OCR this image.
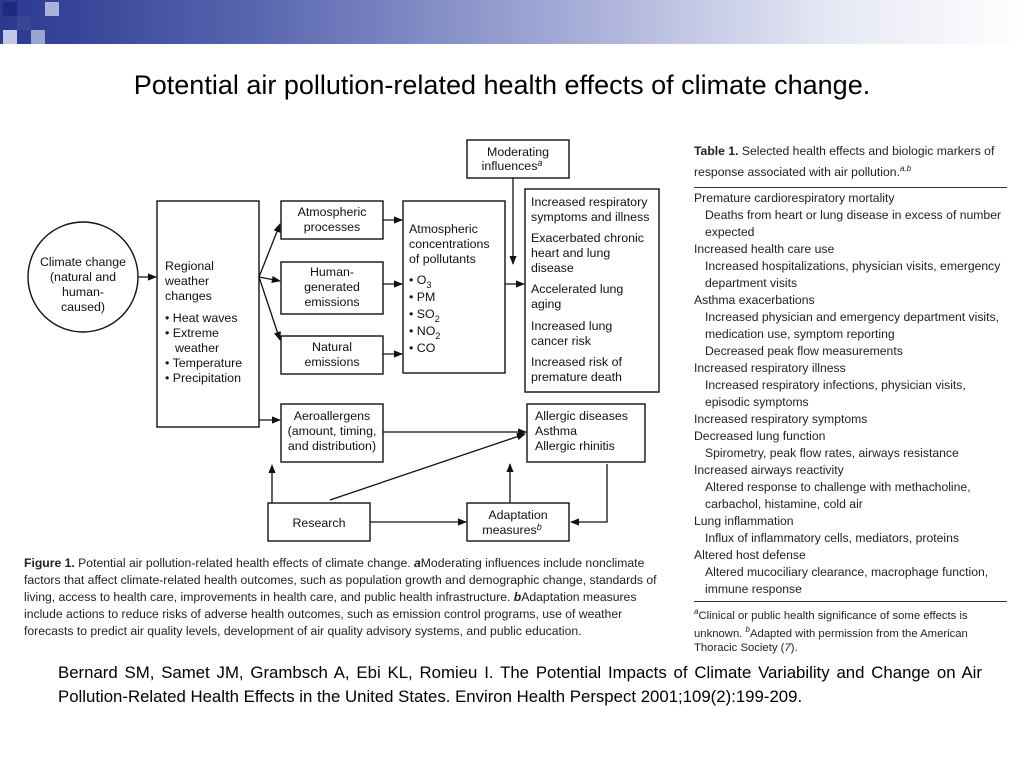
Potential air pollution-related health effects of climate change.
Moderating influences$^a$
Climate change (natural and human-caused)
Regional weather changes
• Heat waves • Extreme weather • Temperature • Precipitation
Atmospheric processes
Human-generated emissions
Natural emissions
Atmospheric concentrations of pollutants
• $O_3$ • PM • $SO_2$ • $NO_2$ • CO
Increased respiratory symptoms and illness Exacerbated chronic heart and lung disease Accelerated lung aging Increased lung cancer risk Increased risk of premature death
Aeroallergens (amount, timing, and distribution)
Allergic diseases Asthma Allergic rhinitis
Research
Adaptation measures$^b$
Figure 1. Potential air pollution-related health effects of climate change. aModerating influences include nonclimate factors that affect climate-related health outcomes, such as population growth and demographic change, standards of living, access to health care, improvements in health care, and public health infrastructure. bAdaptation measures include actions to reduce risks of adverse health outcomes, such as emission control programs, use of weather forecasts to predict air quality levels, development of air quality advisory systems, and public education.
Table 1. Selected health effects and biologic markers of response associated with air pollution.$^{a,b}$
Premature cardiorespiratory mortality
Deaths from heart or lung disease in excess of number expected
Increased health care use
Increased hospitalizations, physician visits, emergency department visits
Asthma exacerbations
Increased physician and emergency department visits, medication use, symptom reporting
Decreased peak flow measurements
Increased respiratory illness
Increased respiratory infections, physician visits, episodic symptoms
Increased respiratory symptoms
Decreased lung function
Spirometry, peak flow rates, airways resistance
Increased airways reactivity
Altered response to challenge with methacholine, carbachol, histamine, cold air
Lung inflammation
Influx of inflammatory cells, mediators, proteins
Altered host defense
Altered mucociliary clearance, macrophage function, immune response
$^a$Clinical or public health significance of some effects is unknown. $^b$Adapted with permission from the American Thoracic Society (7).
Bernard SM, Samet JM, Grambsch A, Ebi KL, Romieu I. The Potential Impacts of Climate Variability and Change on Air Pollution-Related Health Effects in the United States. Environ Health Perspect 2001;109(2):199-209.
